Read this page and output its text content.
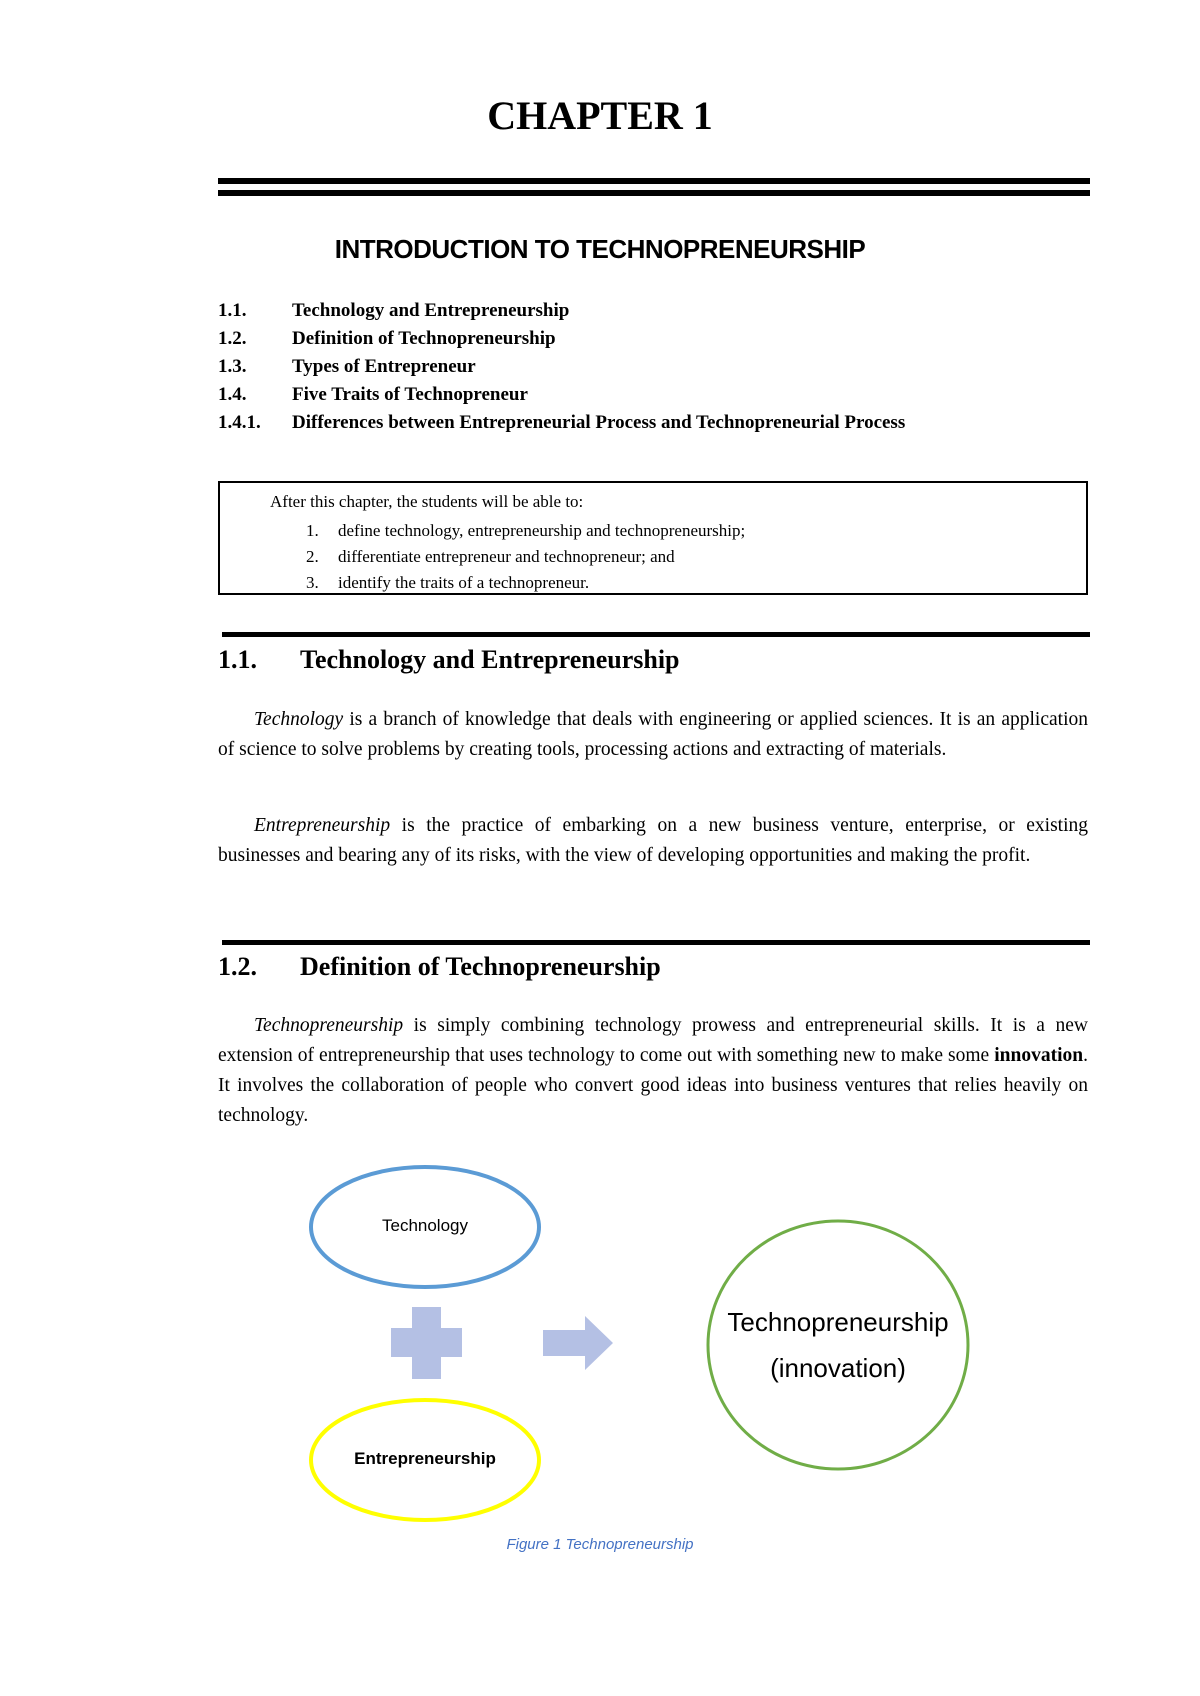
CHAPTER 1
INTRODUCTION TO TECHNOPRENEURSHIP
1.1.	Technology and Entrepreneurship
1.2.	Definition of Technopreneurship
1.3.	Types of Entrepreneur
1.4.	Five Traits of Technopreneur
1.4.1.	Differences between Entrepreneurial Process and Technopreneurial Process
After this chapter, the students will be able to:
1.	define technology, entrepreneurship and technopreneurship;
2.	differentiate entrepreneur and technopreneur; and
3.	identify the traits of a technopreneur.
1.1.	Technology and Entrepreneurship
Technology is a branch of knowledge that deals with engineering or applied sciences. It is an application of science to solve problems by creating tools, processing actions and extracting of materials.
Entrepreneurship is the practice of embarking on a new business venture, enterprise, or existing businesses and bearing any of its risks, with the view of developing opportunities and making the profit.
1.2.	Definition of Technopreneurship
Technopreneurship is simply combining technology prowess and entrepreneurial skills. It is a new extension of entrepreneurship that uses technology to come out with something new to make some innovation. It involves the collaboration of people who convert good ideas into business ventures that relies heavily on technology.
Technology
Entrepreneurship
Technopreneurship
(innovation)
Figure 1 Technopreneurship
